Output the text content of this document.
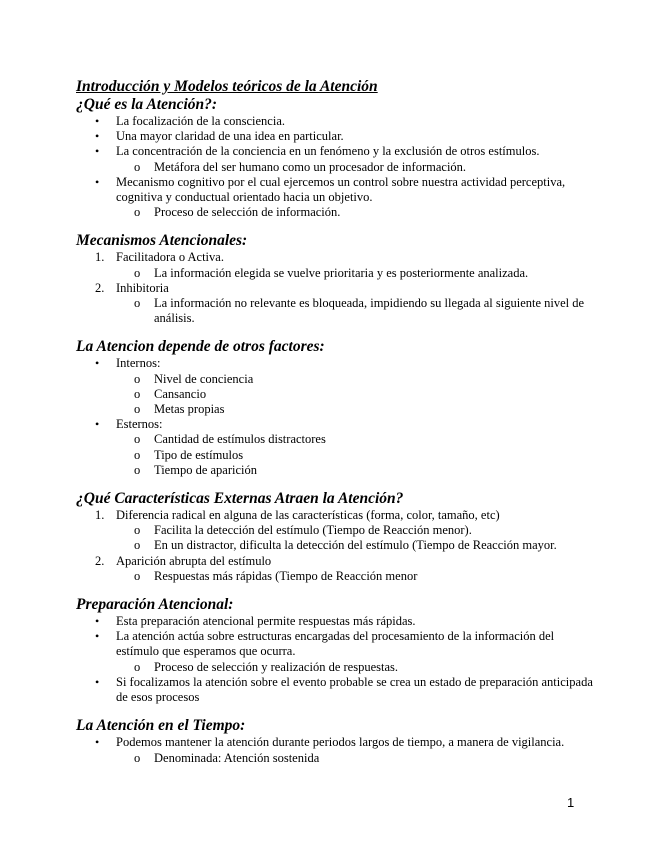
Introducción y Modelos teóricos de la Atención
¿Qué es la Atención?:
• La focalización de la consciencia.
• Una mayor claridad de una idea en particular.
• La concentración de la conciencia en un fenómeno y la exclusión de otros estímulos.
o Metáfora del ser humano como un procesador de información.
• Mecanismo cognitivo por el cual ejercemos un control sobre nuestra actividad perceptiva, cognitiva y conductual orientado hacia un objetivo.
o Proceso de selección de información.
Mecanismos Atencionales:
1. Facilitadora o Activa.
o La información elegida se vuelve prioritaria y es posteriormente analizada.
2. Inhibitoria
o La información no relevante es bloqueada, impidiendo su llegada al siguiente nivel de análisis.
La Atencion depende de otros factores:
• Internos:
o Nivel de conciencia
o Cansancio
o Metas propias
• Esternos:
o Cantidad de estímulos distractores
o Tipo de estímulos
o Tiempo de aparición
¿Qué Características Externas Atraen la Atención?
1. Diferencia radical en alguna de las características (forma, color, tamaño, etc)
o Facilita la detección del estímulo (Tiempo de Reacción menor).
o En un distractor, dificulta la detección del estímulo (Tiempo de Reacción mayor.
2. Aparición abrupta del estímulo
o Respuestas más rápidas (Tiempo de Reacción menor
Preparación Atencional:
• Esta preparación atencional permite respuestas más rápidas.
• La atención actúa sobre estructuras encargadas del procesamiento de la información del estímulo que esperamos que ocurra.
o Proceso de selección y realización de respuestas.
• Si focalizamos la atención sobre el evento probable se crea un estado de preparación anticipada de esos procesos
La Atención en el Tiempo:
• Podemos mantener la atención durante periodos largos de tiempo, a manera de vigilancia.
o Denominada: Atención sostenida
1
